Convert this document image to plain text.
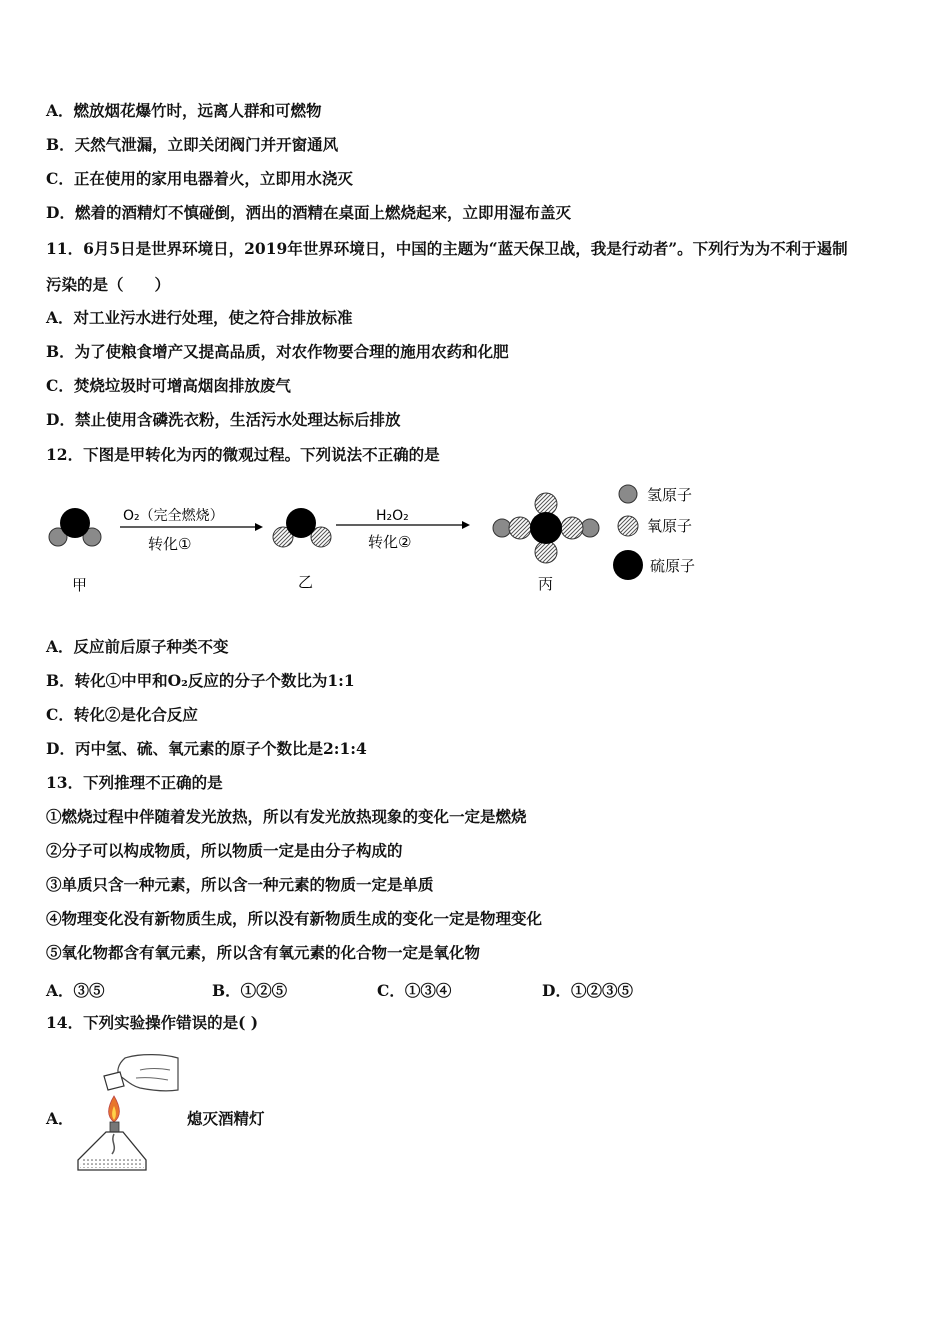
A．燃放烟花爆竹时，远离人群和可燃物
B．天然气泄漏，立即关闭阀门并开窗通风
C．正在使用的家用电器着火，立即用水浇灭
D．燃着的酒精灯不慎碰倒，洒出的酒精在桌面上燃烧起来，立即用湿布盖灭
11．6月5日是世界环境日，2019年世界环境日，中国的主题为“蓝天保卫战，我是行动者”。下列行为为不利于遏制
污染的是（　　）
A．对工业污水进行处理，使之符合排放标准
B．为了使粮食增产又提高品质，对农作物要合理的施用农药和化肥
C．焚烧垃圾时可增高烟囱排放废气
D．禁止使用含磷洗衣粉，生活污水处理达标后排放
12．下图是甲转化为丙的微观过程。下列说法不正确的是
甲
O₂（完全燃烧）
转化①
乙
H₂O₂
转化②
丙
氢原子
氧原子
硫原子
A．反应前后原子种类不变
B．转化①中甲和O₂反应的分子个数比为1:1
C．转化②是化合反应
D．丙中氢、硫、氧元素的原子个数比是2:1:4
13．下列推理不正确的是
①燃烧过程中伴随着发光放热，所以有发光放热现象的变化一定是燃烧
②分子可以构成物质，所以物质一定是由分子构成的
③单质只含一种元素，所以含一种元素的物质一定是单质
④物理变化没有新物质生成，所以没有新物质生成的变化一定是物理变化
⑤氧化物都含有氧元素，所以含有氧元素的化合物一定是氧化物
A．③⑤	B．①②⑤	C．①③④	D．①②③⑤
14．下列实验操作错误的是( )
A．	熄灭酒精灯
